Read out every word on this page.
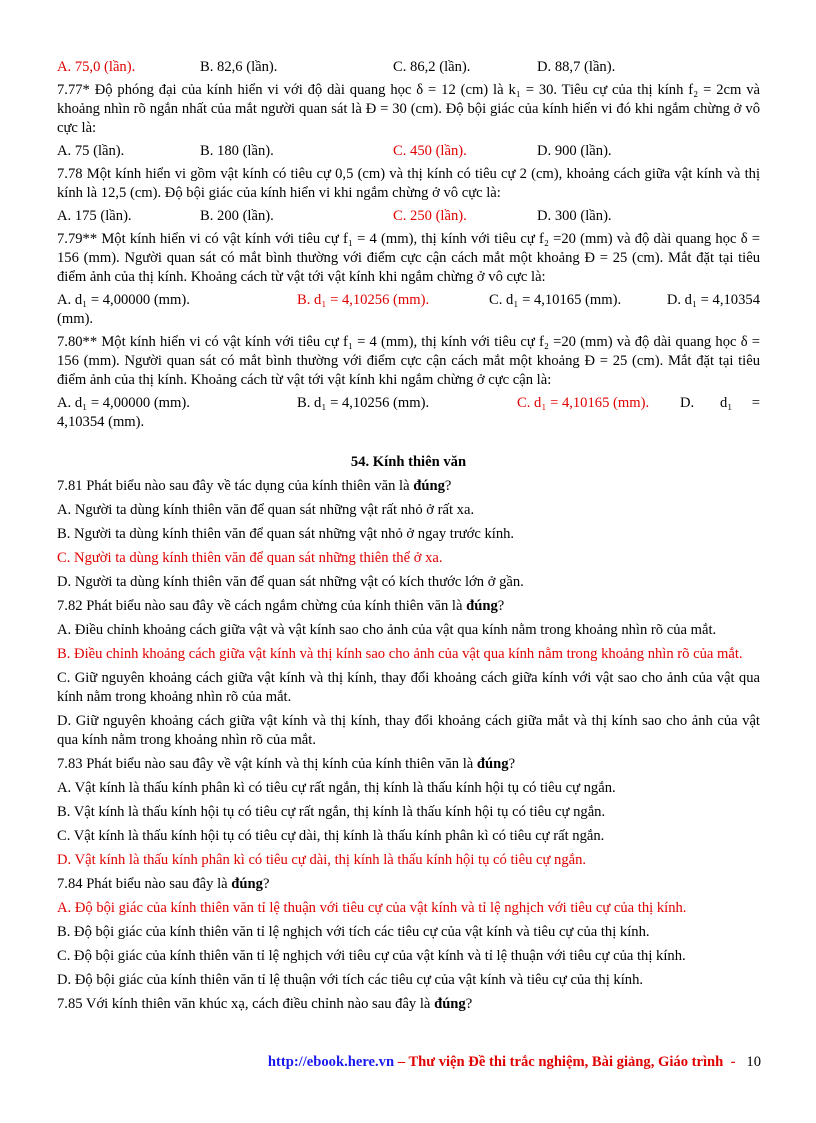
A. 75,0 (lần).	B. 82,6 (lần).	C. 86,2 (lần).	D. 88,7 (lần).

7.77* Độ phóng đại của kính hiển vi với độ dài quang học δ = 12 (cm) là k₁ = 30. Tiêu cự của thị kính f₂ = 2cm và khoảng nhìn rõ ngắn nhất của mắt người quan sát là Đ = 30 (cm). Độ bội giác của kính hiển vi đó khi ngắm chừng ở vô cực là:

A. 75 (lần).	B. 180 (lần).	C. 450 (lần).	D. 900 (lần).

7.78 Một kính hiển vi gồm vật kính có tiêu cự 0,5 (cm) và thị kính có tiêu cự 2 (cm), khoảng cách giữa vật kính và thị kính là 12,5 (cm). Độ bội giác của kính hiển vi khi ngắm chừng ở vô cực là:

A. 175 (lần).	B. 200 (lần).	C. 250 (lần).	D. 300 (lần).

7.79** Một kính hiển vi có vật kính với tiêu cự f₁ = 4 (mm), thị kính với tiêu cự f₂ =20 (mm) và độ dài quang học δ = 156 (mm). Người quan sát có mắt bình thường với điểm cực cận cách mắt một khoảng Đ = 25 (cm). Mắt đặt tại tiêu điểm ảnh của thị kính. Khoảng cách từ vật tới vật kính khi ngắm chừng ở vô cực là:

A. d₁ = 4,00000 (mm).	B. d₁ = 4,10256 (mm).	C. d₁ = 4,10165 (mm).	D. d₁ = 4,10354

(mm).

7.80** Một kính hiển vi có vật kính với tiêu cự f₁ = 4 (mm), thị kính với tiêu cự f₂ =20 (mm) và độ dài quang học δ = 156 (mm). Người quan sát có mắt bình thường với điểm cực cận cách mắt một khoảng Đ = 25 (cm). Mắt đặt tại tiêu điểm ảnh của thị kính. Khoảng cách từ vật tới vật kính khi ngắm chừng ở cực cận là:

A. d₁ = 4,00000 (mm).	B. d₁ = 4,10256 (mm).	C. d₁ = 4,10165 (mm).	D.	d₁	=

4,10354 (mm).

54. Kính thiên văn

7.81 Phát biểu nào sau đây về tác dụng của kính thiên văn là đúng?

A. Người ta dùng kính thiên văn để quan sát những vật rất nhỏ ở rất xa.

B. Người ta dùng kính thiên văn để quan sát những vật nhỏ ở ngay trước kính.

C. Người ta dùng kính thiên văn để quan sát những thiên thể ở xa.

D. Người ta dùng kính thiên văn để quan sát những vật có kích thước lớn ở gần.

7.82 Phát biểu nào sau đây về cách ngắm chừng của kính thiên văn là đúng?

A. Điều chỉnh khoảng cách giữa vật và vật kính sao cho ảnh của vật qua kính nằm trong khoảng nhìn rõ của mắt.

B. Điều chỉnh khoảng cách giữa vật kính và thị kính sao cho ảnh của vật qua kính nằm trong khoảng nhìn rõ của mắt.

C. Giữ nguyên khoảng cách giữa vật kính và thị kính, thay đổi khoảng cách giữa kính với vật sao cho ảnh của vật qua kính nằm trong khoảng nhìn rõ của mắt.

D. Giữ nguyên khoảng cách giữa vật kính và thị kính, thay đổi khoảng cách giữa mắt và thị kính sao cho ảnh của vật qua kính nằm trong khoảng nhìn rõ của mắt.

7.83 Phát biểu nào sau đây về vật kính và thị kính của kính thiên văn là đúng?

A. Vật kính là thấu kính phân kì có tiêu cự rất ngắn, thị kính là thấu kính hội tụ có tiêu cự ngắn.

B. Vật kính là thấu kính hội tụ có tiêu cự rất ngắn, thị kính là thấu kính hội tụ có tiêu cự ngắn.

C. Vật kính là thấu kính hội tụ có tiêu cự dài, thị kính là thấu kính phân kì có tiêu cự rất ngắn.

D. Vật kính là thấu kính phân kì có tiêu cự dài, thị kính là thấu kính hội tụ có tiêu cự ngắn.

7.84 Phát biểu nào sau đây là đúng?

A. Độ bội giác của kính thiên văn tỉ lệ thuận với tiêu cự của vật kính và tỉ lệ nghịch với tiêu cự của thị kính.

B. Độ bội giác của kính thiên văn tỉ lệ nghịch với tích các tiêu cự của vật kính và tiêu cự của thị kính.

C. Độ bội giác của kính thiên văn tỉ lệ nghịch với tiêu cự của vật kính và tỉ lệ thuận với tiêu cự của thị kính.

D. Độ bội giác của kính thiên văn tỉ lệ thuận với tích các tiêu cự của vật kính và tiêu cự của thị kính.

7.85 Với kính thiên văn khúc xạ, cách điều chỉnh nào sau đây là đúng?

http://ebook.here.vn – Thư viện Đề thi trắc nghiệm, Bài giảng, Giáo trình  -   10
